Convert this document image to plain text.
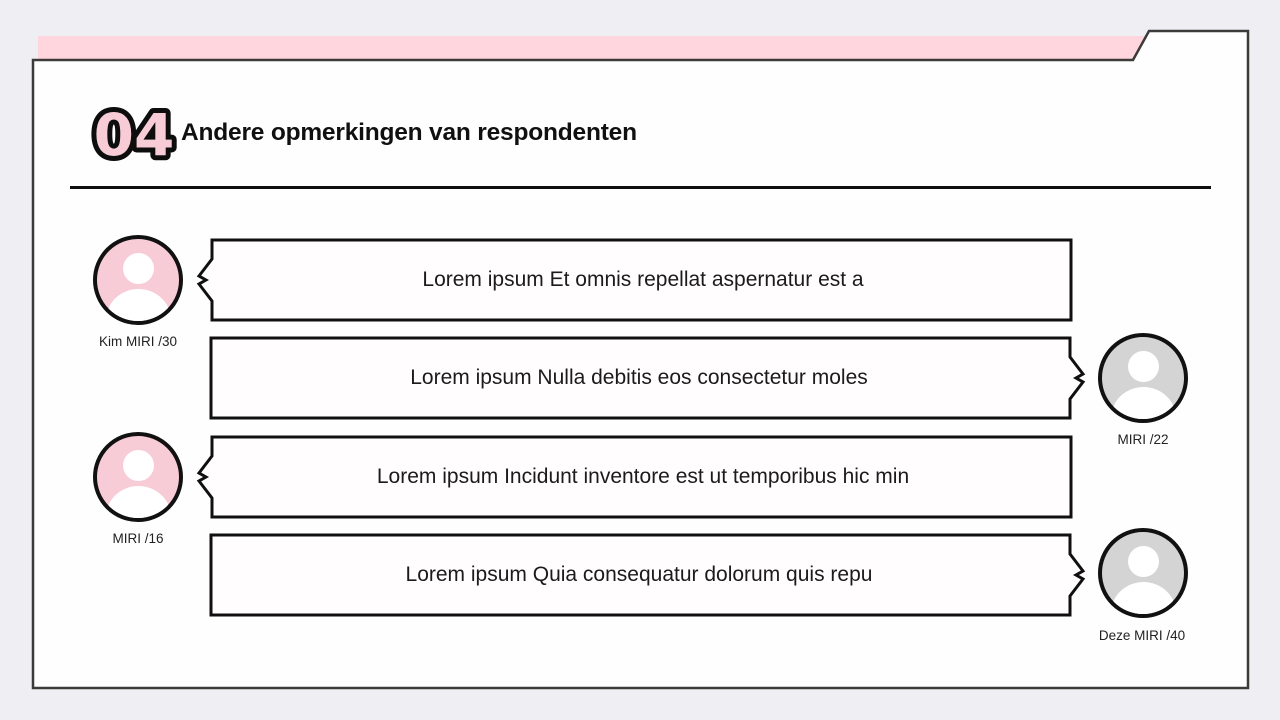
04 Andere opmerkingen van respondenten
Kim MIRI /30
Lorem ipsum Et omnis repellat aspernatur est a
Lorem ipsum Nulla debitis eos consectetur moles
MIRI /22
MIRI /16
Lorem ipsum Incidunt inventore est ut temporibus hic min
Lorem ipsum Quia consequatur dolorum quis repu
Deze MIRI /40
